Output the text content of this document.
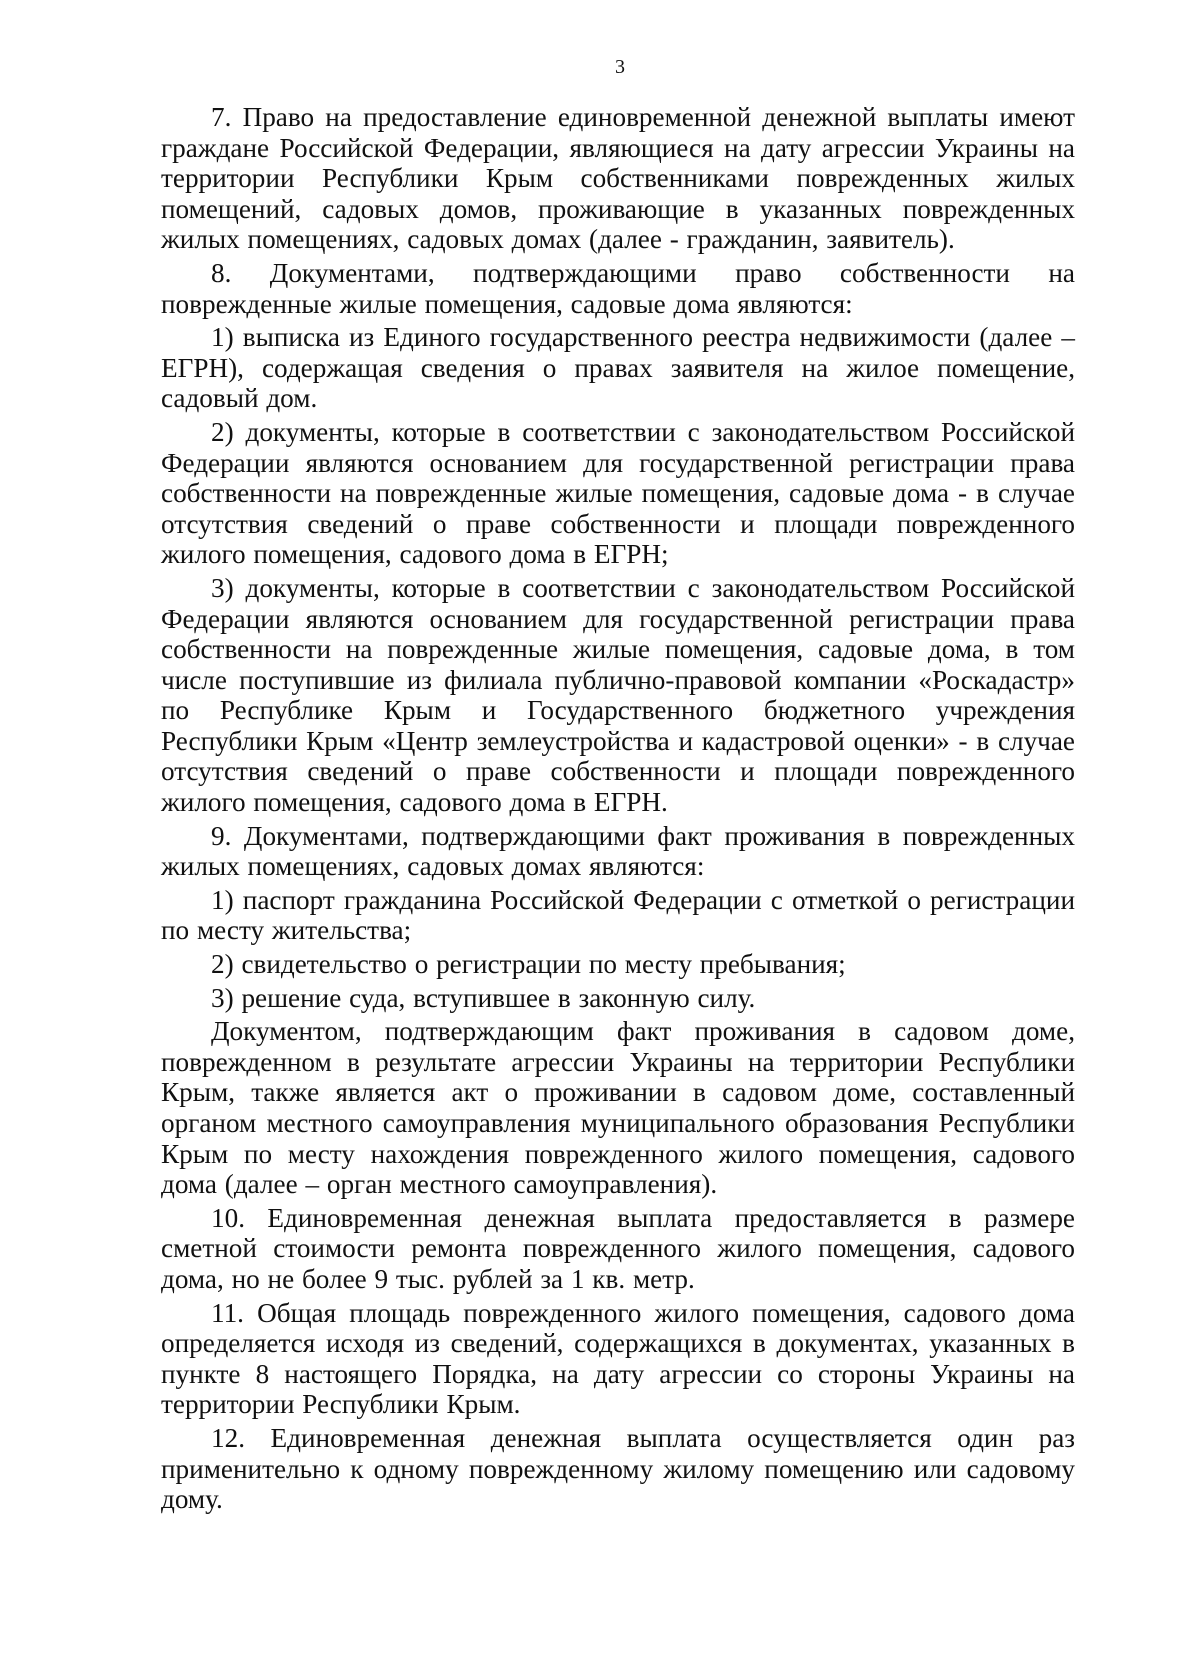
3

7. Право на предоставление единовременной денежной выплаты имеют граждане Российской Федерации, являющиеся на дату агрессии Украины на территории Республики Крым собственниками поврежденных жилых помещений, садовых домов, проживающие в указанных поврежденных жилых помещениях, садовых домах (далее - гражданин, заявитель).

8. Документами, подтверждающими право собственности на поврежденные жилые помещения, садовые дома являются:

1) выписка из Единого государственного реестра недвижимости (далее – ЕГРН), содержащая сведения о правах заявителя на жилое помещение, садовый дом.

2) документы, которые в соответствии с законодательством Российской Федерации являются основанием для государственной регистрации права собственности на поврежденные жилые помещения, садовые дома - в случае отсутствия сведений о праве собственности и площади поврежденного жилого помещения, садового дома в ЕГРН;

3) документы, которые в соответствии с законодательством Российской Федерации являются основанием для государственной регистрации права собственности на поврежденные жилые помещения, садовые дома, в том числе поступившие из филиала публично-правовой компании «Роскадастр» по Республике Крым и Государственного бюджетного учреждения Республики Крым «Центр землеустройства и кадастровой оценки» - в случае отсутствия сведений о праве собственности и площади поврежденного жилого помещения, садового дома в ЕГРН.

9. Документами, подтверждающими факт проживания в поврежденных жилых помещениях, садовых домах являются:

1) паспорт гражданина Российской Федерации с отметкой о регистрации по месту жительства;

2) свидетельство о регистрации по месту пребывания;

3) решение суда, вступившее в законную силу.

Документом, подтверждающим факт проживания в садовом доме, поврежденном в результате агрессии Украины на территории Республики Крым, также является акт о проживании в садовом доме, составленный органом местного самоуправления муниципального образования Республики Крым по месту нахождения поврежденного жилого помещения, садового дома (далее – орган местного самоуправления).

10. Единовременная денежная выплата предоставляется в размере сметной стоимости ремонта поврежденного жилого помещения, садового дома, но не более 9 тыс. рублей за 1 кв. метр.

11. Общая площадь поврежденного жилого помещения, садового дома определяется исходя из сведений, содержащихся в документах, указанных в пункте 8 настоящего Порядка, на дату агрессии со стороны Украины на территории Республики Крым.

12. Единовременная денежная выплата осуществляется один раз применительно к одному поврежденному жилому помещению или садовому дому.
